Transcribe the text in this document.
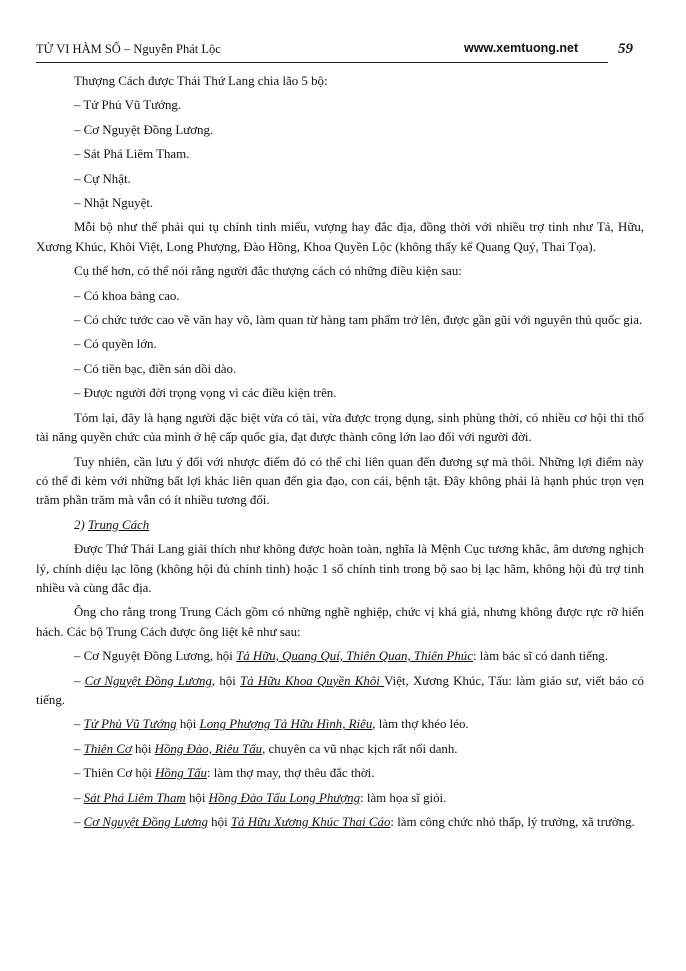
TỬ VI HÀM SỐ – Nguyễn Phát Lộc	www.xemtuong.net	59

Thượng Cách được Thái Thứ Lang chia lão 5 bộ:

– Tử Phủ Vũ Tướng.

– Cơ Nguyệt Đồng Lương.

– Sát Phá Liêm Tham.

– Cự Nhật.

– Nhật Nguyệt.

Mỗi bộ như thế phải qui tụ chính tinh miếu, vượng hay đắc địa, đồng thời với nhiều trợ tinh như Tả, Hữu, Xương Khúc, Khôi Việt, Long Phượng, Đào Hồng, Khoa Quyền Lộc (không thấy kể Quang Quý, Thai Tọa).

Cụ thể hơn, có thể nói rằng người đắc thượng cách có những điều kiện sau:

– Có khoa bảng cao.

– Có chức tước cao về văn hay võ, làm quan từ hàng tam phẩm trở lên, được gần gũi với nguyên thủ quốc gia.

– Có quyền lớn.

– Có tiền bạc, điền sản dồi dào.

– Được người đời trọng vọng vì các điều kiện trên.

Tóm lại, đây là hạng người đặc biệt vừa có tài, vừa được trọng dụng, sinh phùng thời, có nhiều cơ hội thi thố tài năng quyền chức của mình ở hệ cấp quốc gia, đạt được thành công lớn lao đối với người đời.

Tuy nhiên, cần lưu ý đối với nhược điểm đó có thể chỉ liên quan đến đương sự mà thôi. Những lợi điểm này có thể đi kèm với những bất lợi khác liên quan đến gia đạo, con cái, bệnh tật. Đây không phải là hạnh phúc trọn vẹn trăm phần trăm mà vẫn có ít nhiều tương đối.

2) Trung Cách

Được Thứ Thái Lang giải thích như không được hoàn toàn, nghĩa là Mệnh Cục tương khắc, âm dương nghịch lý, chính diệu lạc lõng (không hội đủ chính tinh) hoặc 1 số chính tinh trong bộ sao bị lạc hãm, không hội đủ trợ tinh nhiều và cùng đắc địa.

Ông cho rằng trong Trung Cách gồm có những nghề nghiệp, chức vị khá giả, nhưng không được rực rỡ hiển hách. Các bộ Trung Cách được ông liệt kê như sau:

– Cơ Nguyệt Đồng Lương, hội Tả Hữu, Quang Quí, Thiên Quan, Thiên Phúc: làm bác sĩ có danh tiếng.

– Cơ Nguyệt Đồng Lương, hội Tả Hữu Khoa Quyền Khôi Việt, Xương Khúc, Tấu: làm giáo sư, viết báo có tiếng.

– Tử Phủ Vũ Tướng hội Long Phượng Tả Hữu Hình, Riêu, làm thợ khéo léo.

– Thiên Cơ hội Hồng Đào, Riêu Tấu, chuyên ca vũ nhạc kịch rất nổi danh.

– Thiên Cơ hội Hồng Tấu: làm thợ may, thợ thêu đắc thời.

– Sát Phá Liêm Tham hội Hồng Đào Tấu Long Phượng: làm họa sĩ giỏi.

– Cơ Nguyệt Đồng Lương hội Tả Hữu Xương Khúc Thai Cáo: làm công chức nhỏ thấp, lý trưởng, xã trưởng.
